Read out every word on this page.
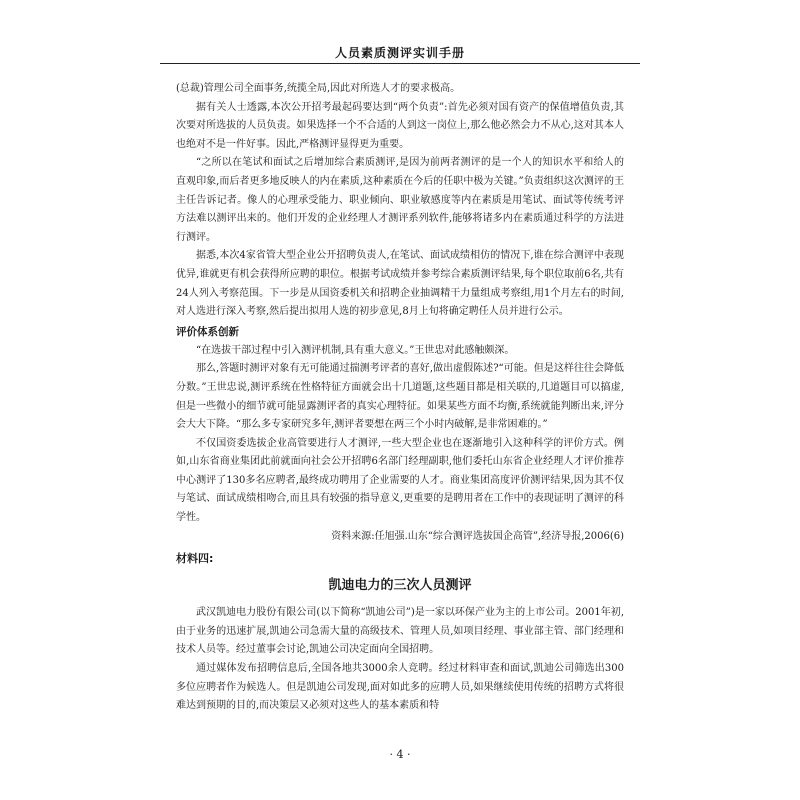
人员素质测评实训手册

(总裁)管理公司全面事务,统揽全局,因此对所选人才的要求极高。

据有关人士透露,本次公开招考最起码要达到“两个负责”:首先必须对国有资产的保值增值负责,其次要对所选拔的人员负责。如果选择一个不合适的人到这一岗位上,那么他必然会力不从心,这对其本人也绝对不是一件好事。因此,严格测评显得更为重要。

“之所以在笔试和面试之后增加综合素质测评,是因为前两者测评的是一个人的知识水平和给人的直观印象,而后者更多地反映人的内在素质,这种素质在今后的任职中极为关键。”负责组织这次测评的王主任告诉记者。像人的心理承受能力、职业倾向、职业敏感度等内在素质是用笔试、面试等传统考评方法难以测评出来的。他们开发的企业经理人才测评系列软件,能够将诸多内在素质通过科学的方法进行测评。

据悉,本次4家省管大型企业公开招聘负责人,在笔试、面试成绩相仿的情况下,谁在综合测评中表现优异,谁就更有机会获得所应聘的职位。根据考试成绩并参考综合素质测评结果,每个职位取前6名,共有24人列入考察范围。下一步是从国资委机关和招聘企业抽调精干力量组成考察组,用1个月左右的时间,对人选进行深入考察,然后提出拟用人选的初步意见,8月上旬将确定聘任人员并进行公示。

评价体系创新

“在选拔干部过程中引入测评机制,具有重大意义。”王世忠对此感触颇深。

那么,答题时测评对象有无可能通过揣测考评者的喜好,做出虚假陈述?“可能。但是这样往往会降低分数。”王世忠说,测评系统在性格特征方面就会出十几道题,这些题目都是相关联的,几道题目可以搞虚,但是一些微小的细节就可能显露测评者的真实心理特征。如果某些方面不均衡,系统就能判断出来,评分会大大下降。“那么多专家研究多年,测评者要想在两三个小时内破解,是非常困难的。”

不仅国资委选拔企业高管要进行人才测评,一些大型企业也在逐渐地引入这种科学的评价方式。例如,山东省商业集团此前就面向社会公开招聘6名部门经理副职,他们委托山东省企业经理人才评价推荐中心测评了130多名应聘者,最终成功聘用了企业需要的人才。商业集团高度评价测评结果,因为其不仅与笔试、面试成绩相吻合,而且具有较强的指导意义,更重要的是聘用者在工作中的表现证明了测评的科学性。

资料来源:任旭强.山东“综合测评选拔国企高管”,经济导报,2006(6)

材料四:

凯迪电力的三次人员测评

武汉凯迪电力股份有限公司(以下简称“凯迪公司”)是一家以环保产业为主的上市公司。2001年初,由于业务的迅速扩展,凯迪公司急需大量的高级技术、管理人员,如项目经理、事业部主管、部门经理和技术人员等。经过董事会讨论,凯迪公司决定面向全国招聘。

通过媒体发布招聘信息后,全国各地共3000余人竞聘。经过材料审查和面试,凯迪公司筛选出300多位应聘者作为候选人。但是凯迪公司发现,面对如此多的应聘人员,如果继续使用传统的招聘方式将很难达到预期的目的,而决策层又必须对这些人的基本素质和特

· 4 ·
